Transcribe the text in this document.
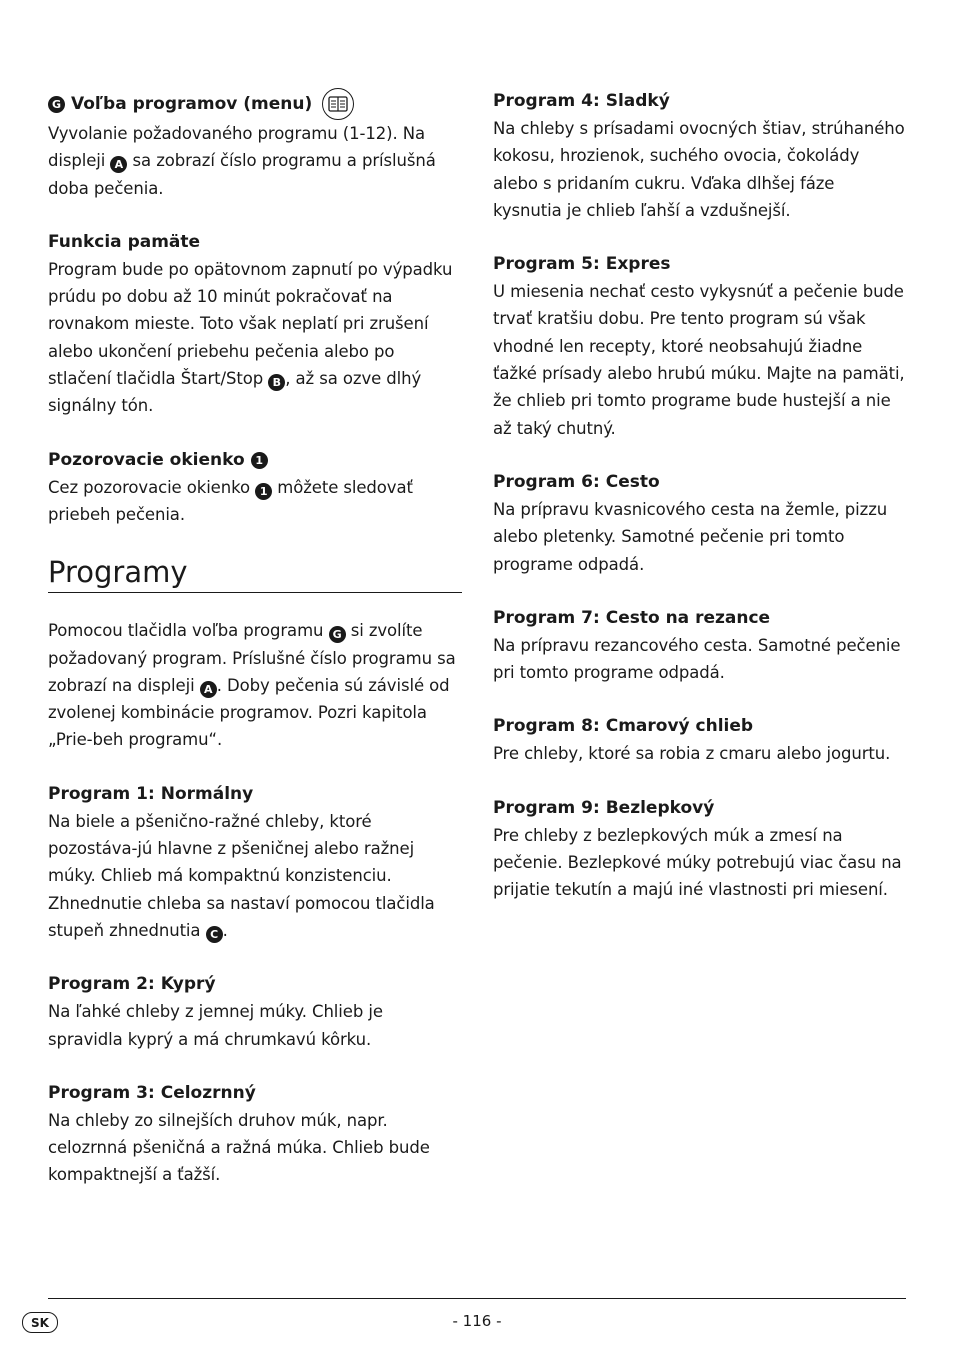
G Voľba programov (menu)

Vyvolanie požadovaného programu (1-12). Na displeji A sa zobrazí číslo programu a príslušná doba pečenia.

Funkcia pamäte

Program bude po opätovnom zapnutí po výpadku prúdu po dobu až 10 minút pokračovať na rovnakom mieste. Toto však neplatí pri zrušení alebo ukončení priebehu pečenia alebo po stlačení tlačidla Štart/Stop B , až sa ozve dlhý signálny tón.

Pozorovacie okienko 1

Cez pozorovacie okienko 1 môžete sledovať priebeh pečenia.

Programy

Pomocou tlačidla voľba programu G si zvolíte požadovaný program. Príslušné číslo programu sa zobrazí na displeji A . Doby pečenia sú závislé od zvolenej kombinácie programov. Pozri kapitola „Prie-beh programu“.

Program 1: Normálny

Na biele a pšenično-ražné chleby, ktoré pozostáva-jú hlavne z pšeničnej alebo ražnej múky. Chlieb má kompaktnú konzistenciu. Zhnednutie chleba sa nastaví pomocou tlačidla stupeň zhnednutia C .

Program 2: Kyprý

Na ľahké chleby z jemnej múky. Chlieb je spravidla kyprý a má chrumkavú kôrku.

Program 3: Celozrnný

Na chleby zo silnejších druhov múk, napr. celozrnná pšeničná a ražná múka. Chlieb bude kompaktnejší a ťažší.

Program 4: Sladký

Na chleby s prísadami ovocných štiav, strúhaného kokosu, hrozienok, suchého ovocia, čokolády alebo s pridaním cukru. Vďaka dlhšej fáze kysnutia je chlieb ľahší a vzdušnejší.

Program 5: Expres

U miesenia nechať cesto vykysnúť a pečenie bude trvať kratšiu dobu. Pre tento program sú však vhodné len recepty, ktoré neobsahujú žiadne ťažké prísady alebo hrubú múku. Majte na pamäti, že chlieb pri tomto programe bude hustejší a nie až taký chutný.

Program 6: Cesto

Na prípravu kvasnicového cesta na žemle, pizzu alebo pletenky. Samotné pečenie pri tomto programe odpadá.

Program 7: Cesto na rezance

Na prípravu rezancového cesta. Samotné pečenie pri tomto programe odpadá.

Program 8: Cmarový chlieb

Pre chleby, ktoré sa robia z cmaru alebo jogurtu.

Program 9: Bezlepkový

Pre chleby z bezlepkových múk a zmesí na pečenie. Bezlepkové múky potrebujú viac času na prijatie tekutín a majú iné vlastnosti pri miesení.

SK	- 116 -
